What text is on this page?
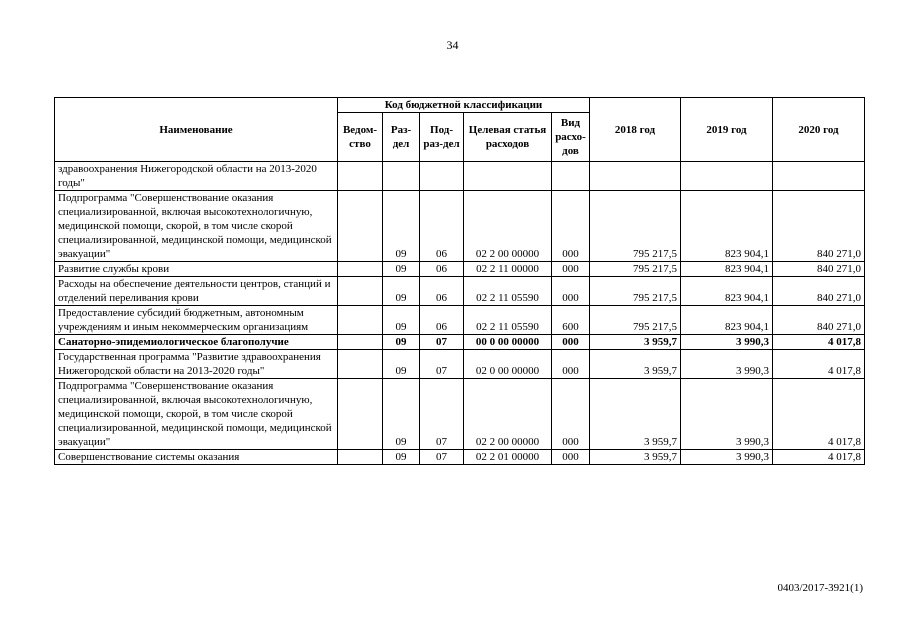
34
Наименование	Код бюджетной классификации					2018 год	2019 год	2020 год
	Ведом-ство	Раз-дел	Под-раз-дел	Целевая статья расходов	Вид расхо-дов			
здравоохранения Нижегородской области на 2013-2020 годы"								
Подпрограмма "Совершенствование оказания специализированной, включая высокотехнологичную, медицинской помощи, скорой, в том числе скорой специализированной, медицинской помощи, медицинской эвакуации"		09	06	02 2 00 00000	000	795 217,5	823 904,1	840 271,0
Развитие службы крови		09	06	02 2 11 00000	000	795 217,5	823 904,1	840 271,0
Расходы на обеспечение деятельности центров, станций и отделений переливания крови		09	06	02 2 11 05590	000	795 217,5	823 904,1	840 271,0
Предоставление субсидий бюджетным, автономным учреждениям и иным некоммерческим организациям		09	06	02 2 11 05590	600	795 217,5	823 904,1	840 271,0
Санаторно-эпидемиологическое благополучие		09	07	00 0 00 00000	000	3 959,7	3 990,3	4 017,8
Государственная программа "Развитие здравоохранения Нижегородской области на 2013-2020 годы"		09	07	02 0 00 00000	000	3 959,7	3 990,3	4 017,8
Подпрограмма "Совершенствование оказания специализированной, включая высокотехнологичную, медицинской помощи, скорой, в том числе скорой специализированной, медицинской помощи, медицинской эвакуации"		09	07	02 2 00 00000	000	3 959,7	3 990,3	4 017,8
Совершенствование системы оказания		09	07	02 2 01 00000	000	3 959,7	3 990,3	4 017,8
0403/2017-3921(1)
